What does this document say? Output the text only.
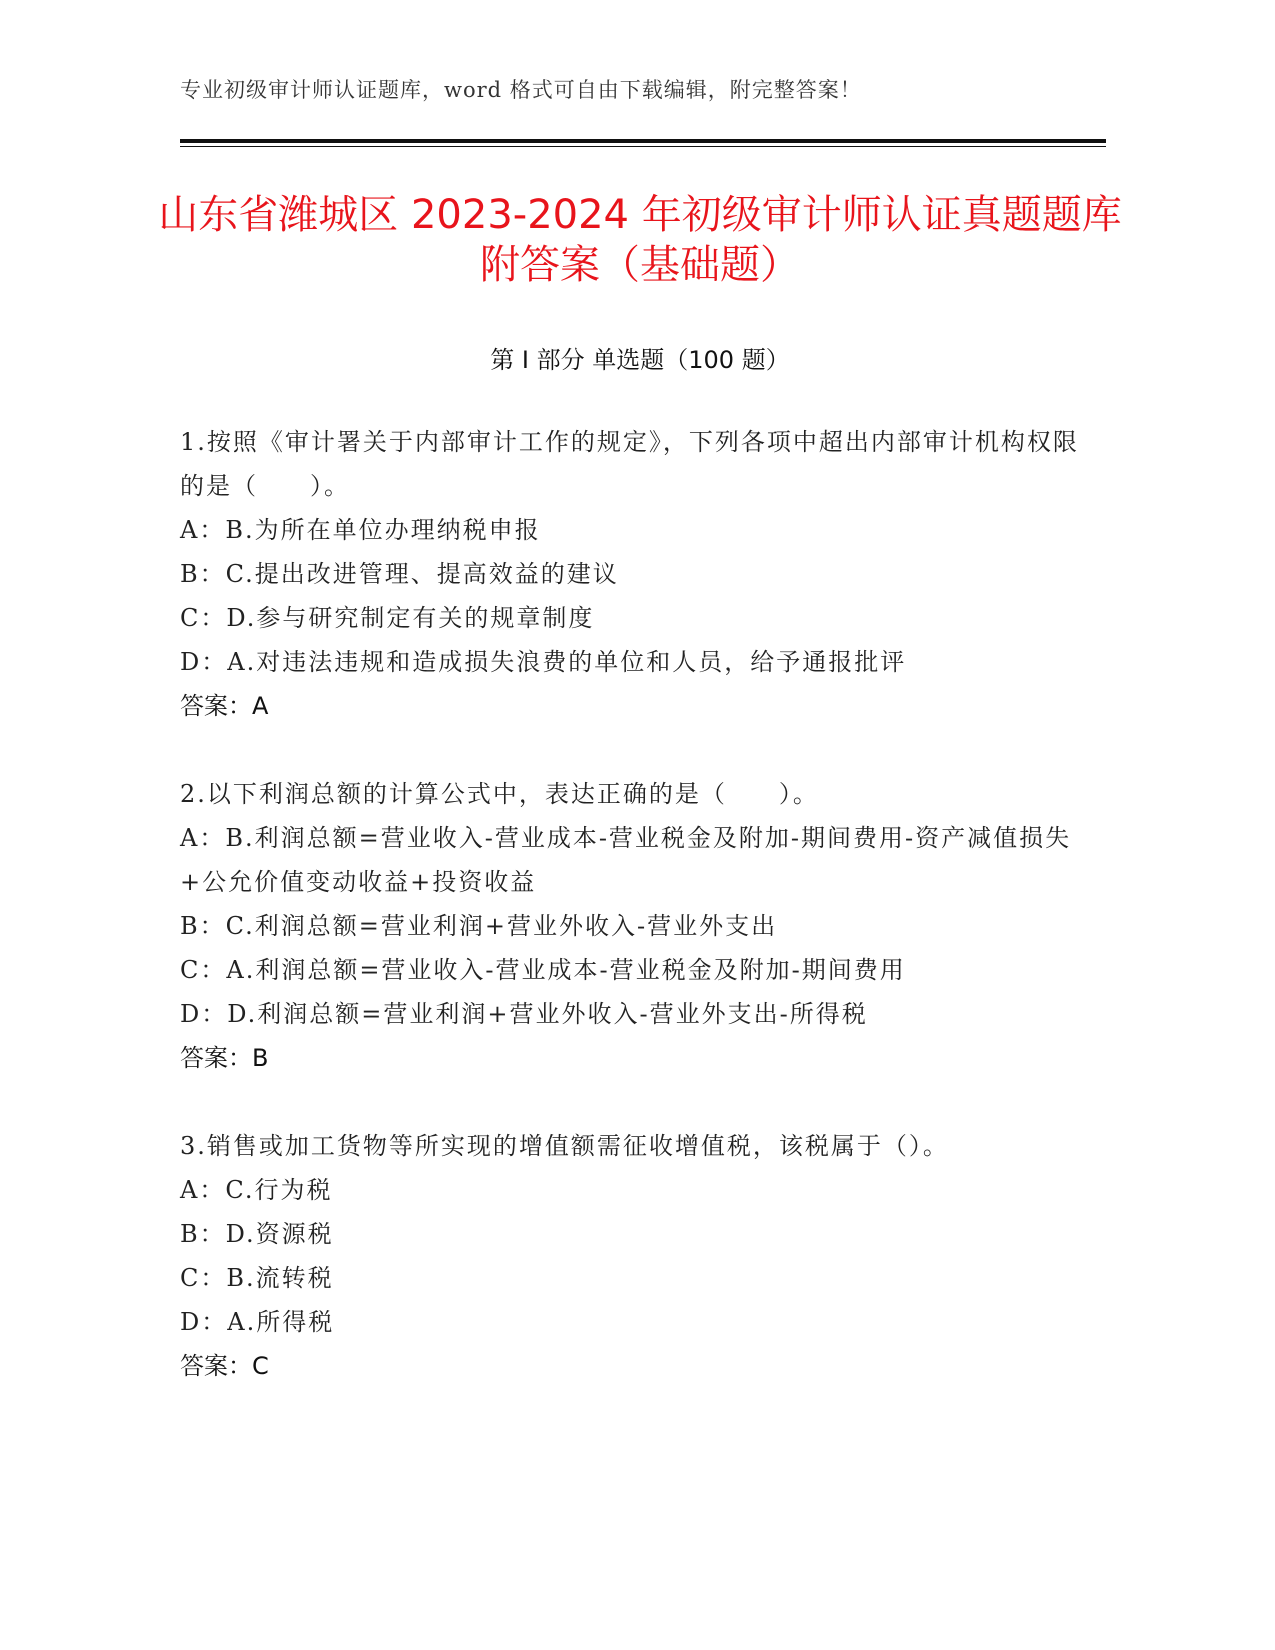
专业初级审计师认证题库，word 格式可自由下载编辑，附完整答案！
山东省潍城区 2023-2024 年初级审计师认证真题题库附答案（基础题）
第 I 部分 单选题（100 题）
1.按照《审计署关于内部审计工作的规定》，下列各项中超出内部审计机构权限的是（　　）。
A：B.为所在单位办理纳税申报
B：C.提出改进管理、提高效益的建议
C：D.参与研究制定有关的规章制度
D：A.对违法违规和造成损失浪费的单位和人员，给予通报批评
答案：A
2.以下利润总额的计算公式中，表达正确的是（　　）。
A：B.利润总额=营业收入-营业成本-营业税金及附加-期间费用-资产减值损失+公允价值变动收益+投资收益
B：C.利润总额=营业利润+营业外收入-营业外支出
C：A.利润总额=营业收入-营业成本-营业税金及附加-期间费用
D：D.利润总额=营业利润+营业外收入-营业外支出-所得税
答案：B
3.销售或加工货物等所实现的增值额需征收增值税，该税属于（）。
A：C.行为税
B：D.资源税
C：B.流转税
D：A.所得税
答案：C
